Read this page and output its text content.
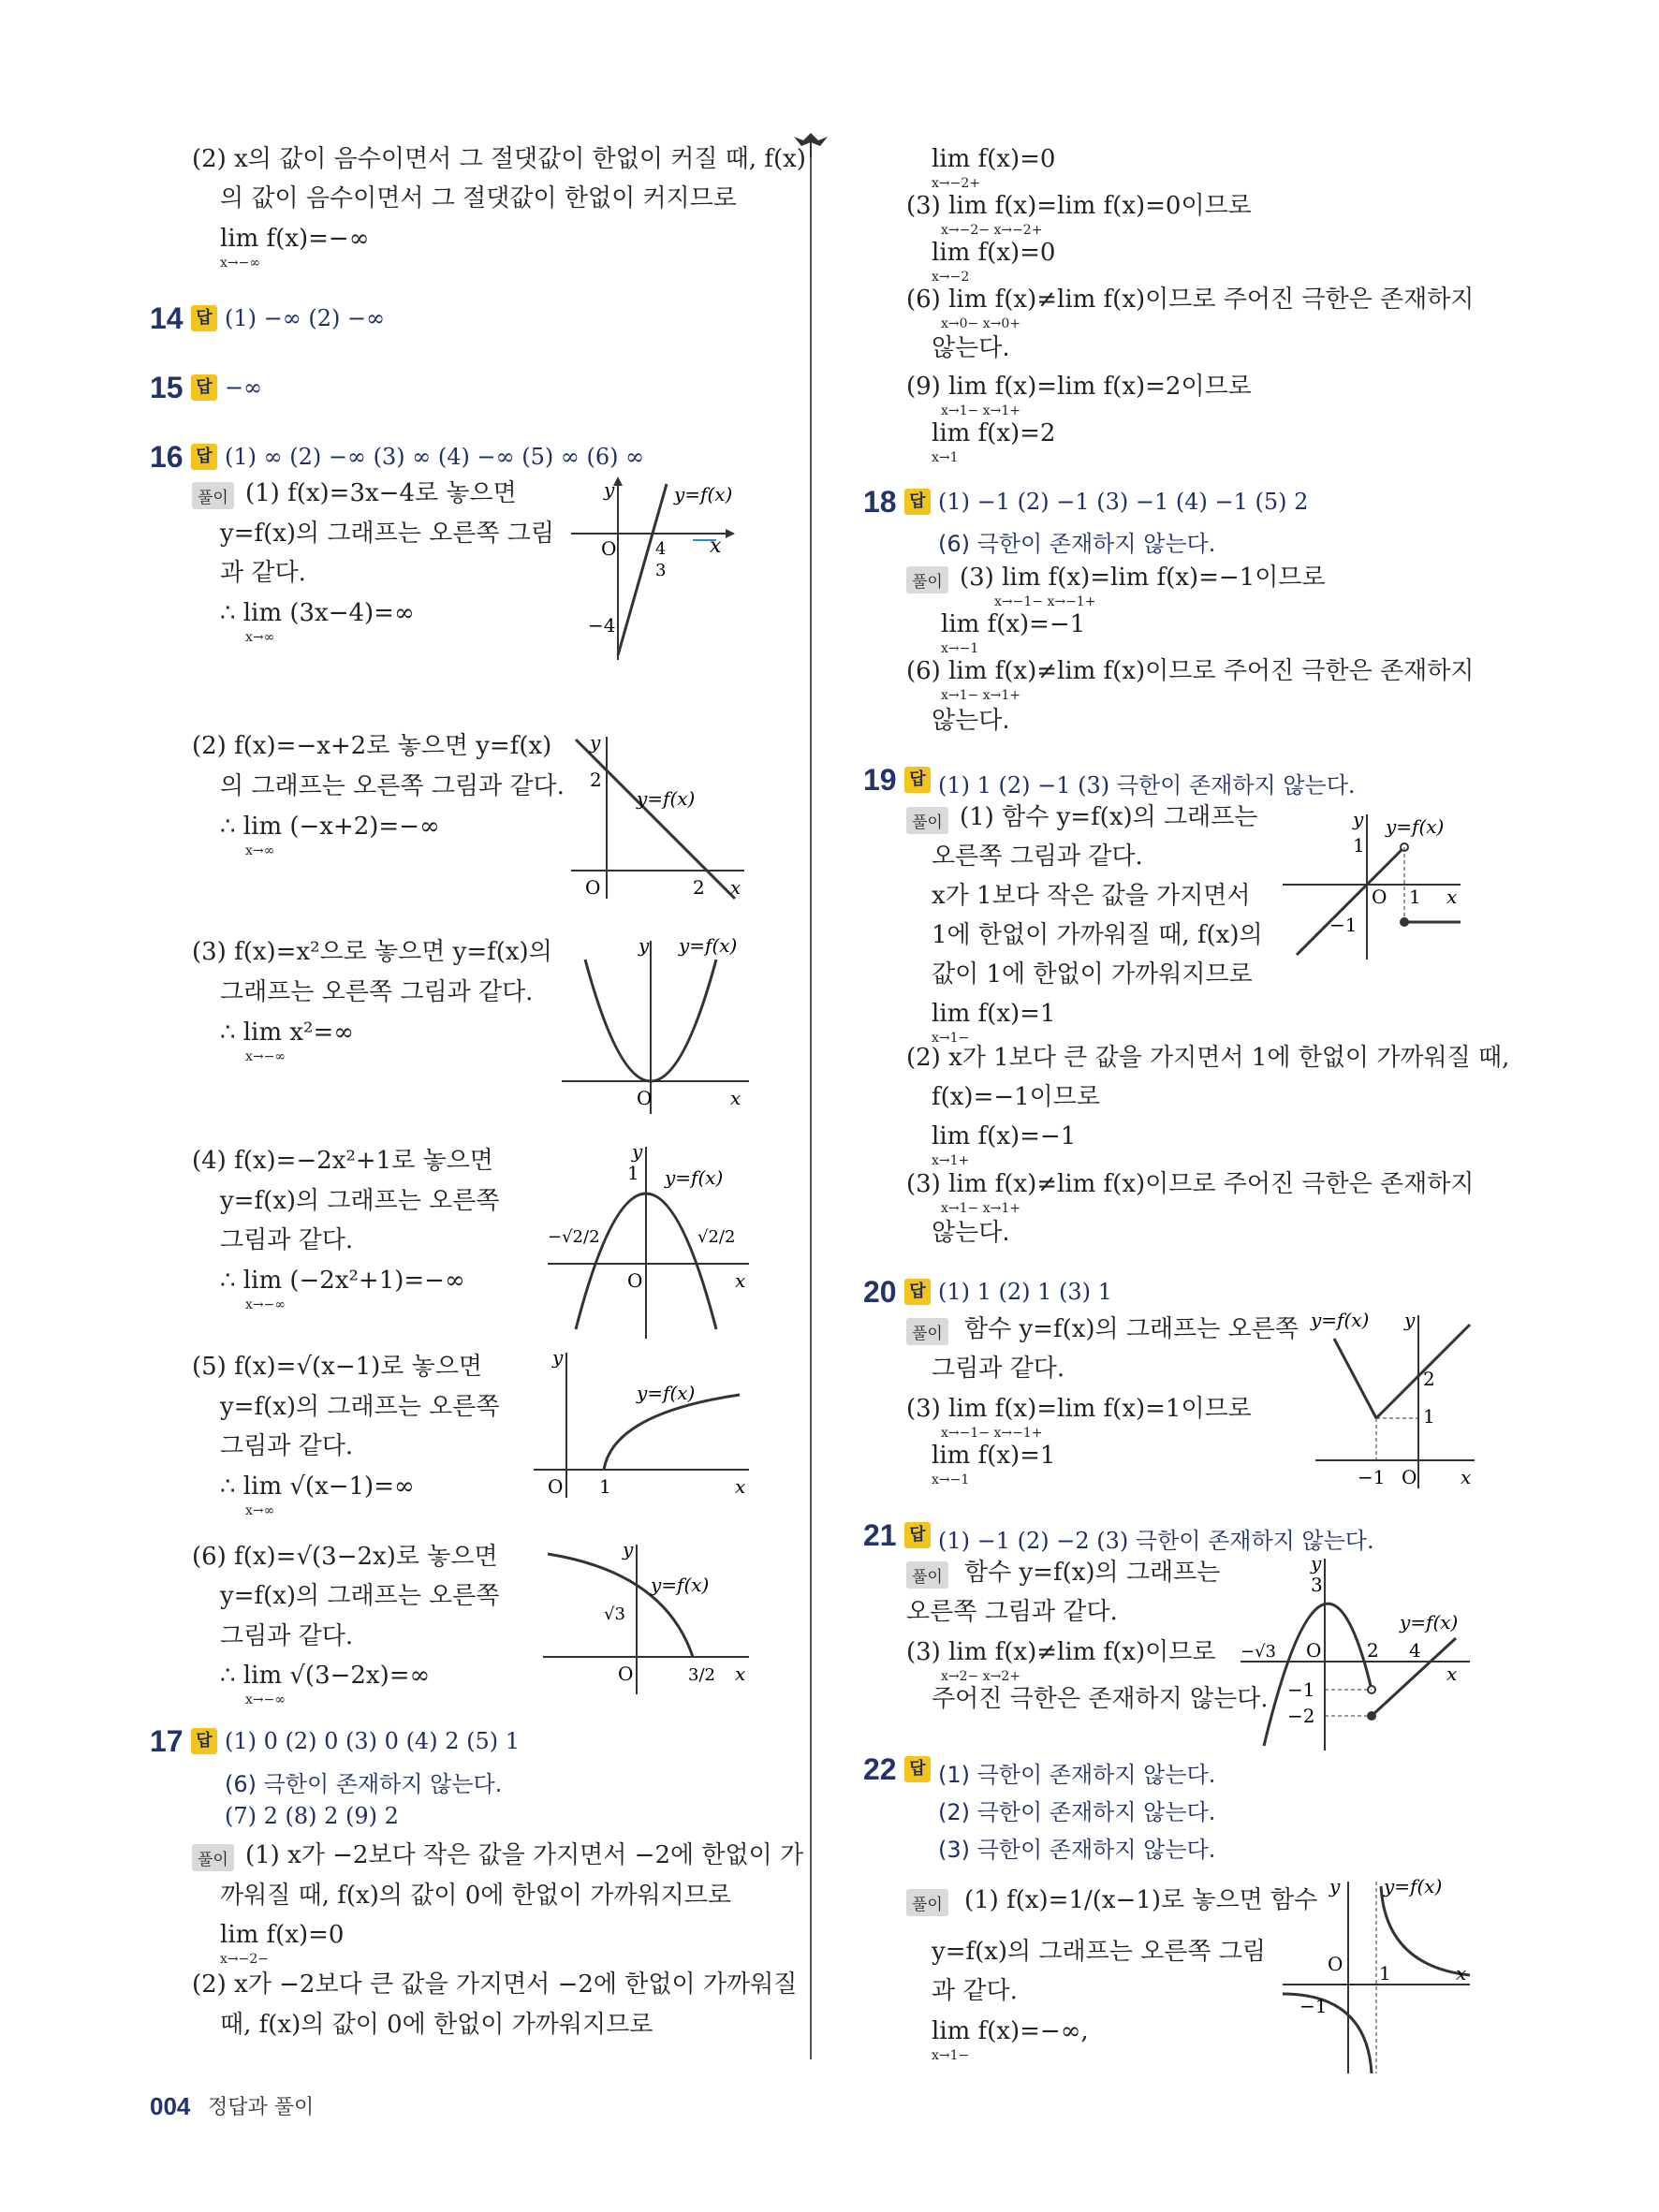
(2) x의 값이 음수이면서 그 절댓값이 한없이 커질 때, f(x)
의 값이 음수이면서 그 절댓값이 한없이 커지므로
lim f(x)=−∞
x→−∞
14 답 (1) −∞ (2) −∞
15 답 −∞
16 답 (1) ∞ (2) −∞ (3) ∞ (4) −∞ (5) ∞ (6) ∞
풀이 (1) f(x)=3x−4로 놓으면
y=f(x)의 그래프는 오른쪽 그림
과 같다.
∴ lim (3x−4)=∞
x→∞
x
y	y=f(x)
O 4
3
−4
(2) f(x)=−x+2로 놓으면 y=f(x)
의 그래프는 오른쪽 그림과 같다.
∴ lim (−x+2)=−∞
x→∞
y
y=f(x)
2
O	2 x
(3) f(x)=x²으로 놓으면 y=f(x)의
그래프는 오른쪽 그림과 같다.
∴ lim x²=∞
x→−∞
y y=f(x)
O	x
(4) f(x)=−2x²+1로 놓으면
y=f(x)의 그래프는 오른쪽
그림과 같다.
∴ lim (−2x²+1)=−∞
x→−∞
y
y=f(x)
1
−√2/2	√2/2
O	x
(5) f(x)=√(x−1)로 놓으면
y=f(x)의 그래프는 오른쪽
그림과 같다.
∴ lim √(x−1)=∞
x→∞
y
y=f(x)
O 1	x
(6) f(x)=√(3−2x)로 놓으면
y=f(x)의 그래프는 오른쪽
그림과 같다.
∴ lim √(3−2x)=∞
x→−∞
y
y=f(x)
√3
O	3/2 x
17 답 (1) 0 (2) 0 (3) 0 (4) 2 (5) 1
(6) 극한이 존재하지 않는다.
(7) 2 (8) 2 (9) 2
풀이 (1) x가 −2보다 작은 값을 가지면서 −2에 한없이 가
까워질 때, f(x)의 값이 0에 한없이 가까워지므로
lim f(x)=0
x→−2−
(2) x가 −2보다 큰 값을 가지면서 −2에 한없이 가까워질
때, f(x)의 값이 0에 한없이 가까워지므로
lim f(x)=0
x→−2+
(3) lim f(x)=lim f(x)=0이므로
x→−2− x→−2+
lim f(x)=0
x→−2
(6) lim f(x)≠lim f(x)이므로 주어진 극한은 존재하지
x→0− x→0+
않는다.
(9) lim f(x)=lim f(x)=2이므로
x→1− x→1+
lim f(x)=2
x→1
18 답 (1) −1 (2) −1 (3) −1 (4) −1 (5) 2
(6) 극한이 존재하지 않는다.
풀이 (3) lim f(x)=lim f(x)=−1이므로
x→−1− x→−1+
lim f(x)=−1
x→−1
(6) lim f(x)≠lim f(x)이므로 주어진 극한은 존재하지
x→1− x→1+
않는다.
19 답 (1) 1 (2) −1 (3) 극한이 존재하지 않는다.
풀이 (1) 함수 y=f(x)의 그래프는
오른쪽 그림과 같다.
x가 1보다 작은 값을 가지면서
1에 한없이 가까워질 때, f(x)의
값이 1에 한없이 가까워지므로
lim f(x)=1
x→1−
y y=f(x)
1
O 1 x
−1
(2) x가 1보다 큰 값을 가지면서 1에 한없이 가까워질 때,
f(x)=−1이므로
lim f(x)=−1
x→1+
(3) lim f(x)≠lim f(x)이므로 주어진 극한은 존재하지
x→1− x→1+
않는다.
20 답 (1) 1 (2) 1 (3) 1
풀이 함수 y=f(x)의 그래프는 오른쪽
그림과 같다.
(3) lim f(x)=lim f(x)=1이므로
x→−1− x→−1+
lim f(x)=1
x→−1
y
y=f(x)
2
1
−1 O x
21 답 (1) −1 (2) −2 (3) 극한이 존재하지 않는다.
풀이 함수 y=f(x)의 그래프는
오른쪽 그림과 같다.
(3) lim f(x)≠lim f(x)이므로
x→2− x→2+
주어진 극한은 존재하지 않는다.
y
y=f(x)
3
−√3 O 2 4
x
−1
−2
22 답 (1) 극한이 존재하지 않는다.
(2) 극한이 존재하지 않는다.
(3) 극한이 존재하지 않는다.
풀이 (1) f(x)=1/(x−1)로 놓으면 함수
y=f(x)의 그래프는 오른쪽 그림
과 같다.
lim f(x)=−∞,
x→1−
y y=f(x)
O 1	x
−1
004 정답과 풀이
